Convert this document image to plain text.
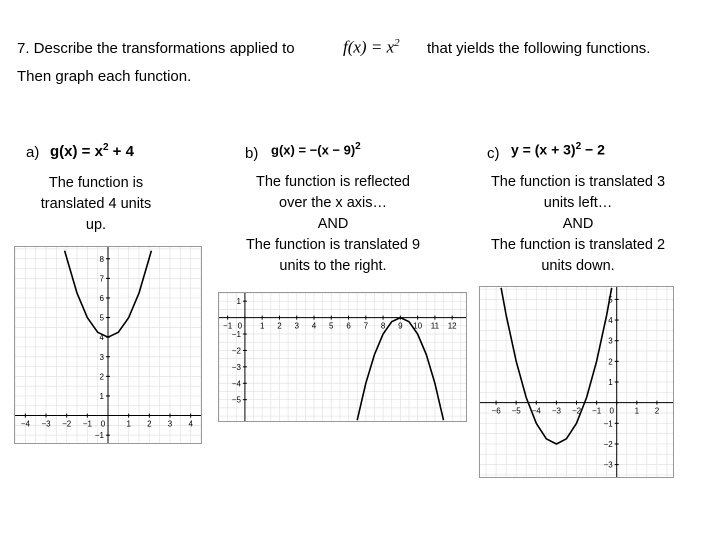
7. Describe the transformations applied to	$f(x) = x^2$ that yields the following functions.
Then graph each function.
a) $g(x) = x^2 + 4$
The function is
translated 4 units
up.
b) $g(x) = -(x - 9)^2$
The function is reflected
over the x axis…
AND
The function is translated 9
units to the right.
c) $y = (x + 3)^2 - 2$
The function is translated 3
units left…
AND
The function is translated 2
units down.
−4 −3 −2 −1 0	1 2 3 4
−1
1
2
3
4
5
6
7
8
−1 0 1 2 3 4 5 6 7 8 9 10 11 12
−5
−4
−3
−2
−1
1
−6 −5 −4 −3 −2 −1 0	1 2
−3
−2
−1
1
2
3
4
5
